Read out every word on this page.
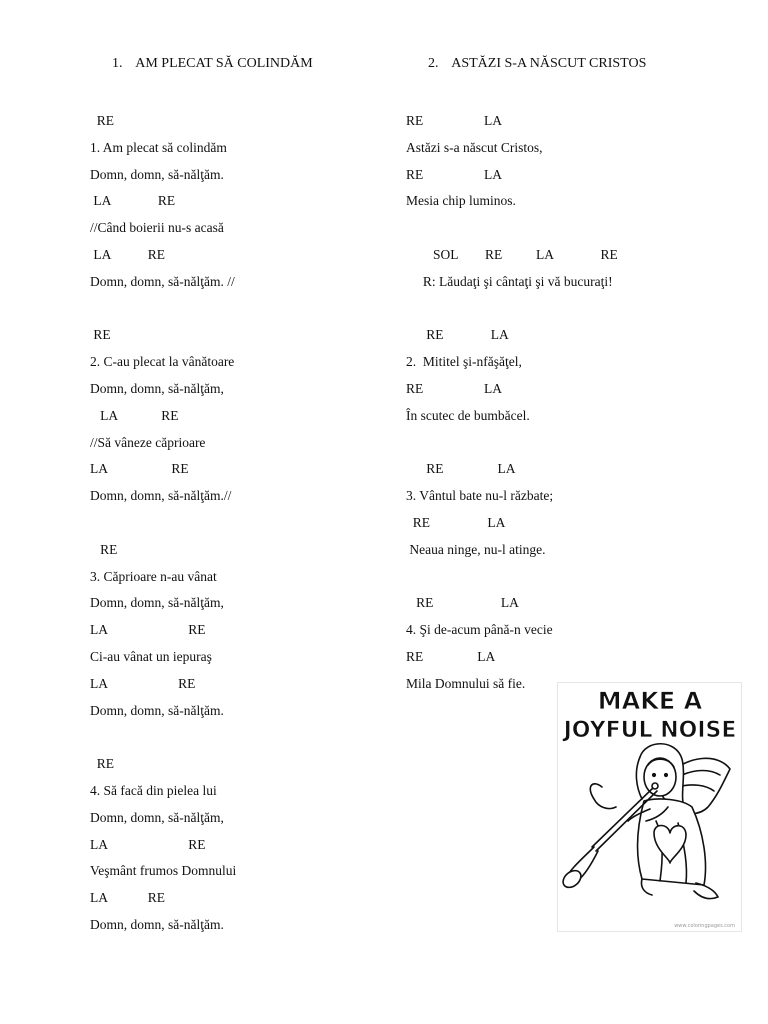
1. AM PLECAT SĂ COLINDĂM	2. ASTĂZI S-A NĂSCUT CRISTOS
RE
1. Am plecat să colindăm
Domn, domn, să-nălţăm.
LA              RE
//Când boierii nu-s acasă
LA           RE
Domn, domn, să-nălţăm. //
RE
2. C-au plecat la vânătoare
Domn, domn, să-nălţăm,
LA             RE
//Să vâneze căprioare
LA                   RE
Domn, domn, să-nălţăm.//
RE
3. Căprioare n-au vânat
Domn, domn, să-nălţăm,
LA                        RE
Ci-au vânat un iepuraş
LA                     RE
Domn, domn, să-nălţăm.
RE
4. Să facă din pielea lui
Domn, domn, să-nălţăm,
LA                        RE
Veşmânt frumos Domnului
LA            RE
Domn, domn, să-nălţăm.
RE                  LA
Astăzi s-a născut Cristos,
RE                  LA
Mesia chip luminos.
SOL        RE          LA              RE
R: Lăudaţi şi cântaţi şi vă bucuraţi!
RE              LA
2.  Mititel şi-nfăşăţel,
RE                  LA
În scutec de bumbăcel.
RE                LA
3. Vântul bate nu-l răzbate;
RE                 LA
Neaua ninge, nu-l atinge.
RE                    LA
4. Şi de-acum până-n vecie
RE                LA
Mila Domnului să fie.
MAKE A
JOYFUL NOISE
www.coloringpages.com
